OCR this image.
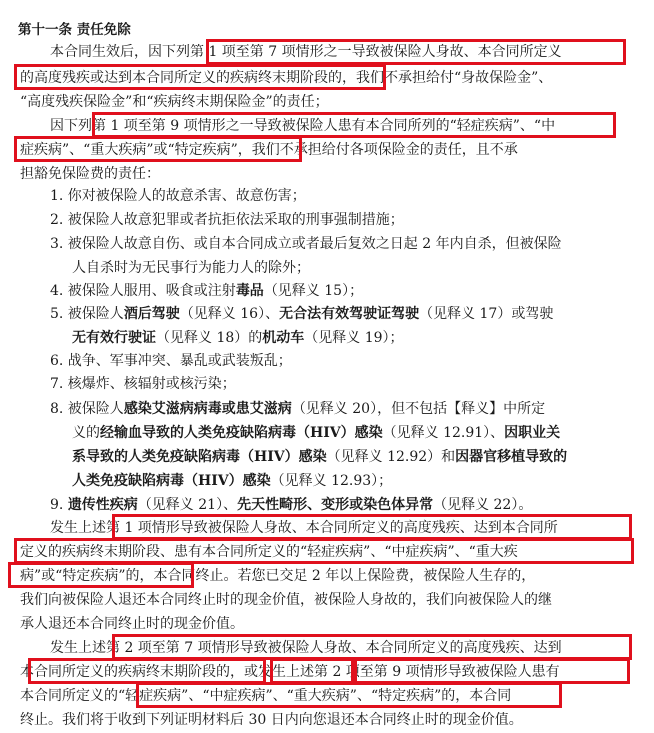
第十一条 责任免除
本合同生效后，因下列第 1 项至第 7 项情形之一导致被保险人身故、本合同所定义
的高度残疾或达到本合同所定义的疾病终末期阶段的，我们不承担给付“身故保险金”、
“高度残疾保险金”和“疾病终末期保险金”的责任；
因下列第 1 项至第 9 项情形之一导致被保险人患有本合同所列的“轻症疾病”、“中
症疾病”、“重大疾病”或“特定疾病”，我们不承担给付各项保险金的责任，且不承
担豁免保险费的责任：
1. 你对被保险人的故意杀害、故意伤害；
2. 被保险人故意犯罪或者抗拒依法采取的刑事强制措施；
3. 被保险人故意自伤、或自本合同成立或者最后复效之日起 2 年内自杀，但被保险
人自杀时为无民事行为能力人的除外；
4. 被保险人服用、吸食或注射毒品（见释义 15）；
5. 被保险人酒后驾驶（见释义 16）、无合法有效驾驶证驾驶（见释义 17）或驾驶
无有效行驶证（见释义 18）的机动车（见释义 19）；
6. 战争、军事冲突、暴乱或武装叛乱；
7. 核爆炸、核辐射或核污染；
8. 被保险人感染艾滋病病毒或患艾滋病（见释义 20），但不包括【释义】中所定
义的经输血导致的人类免疫缺陷病毒（HIV）感染（见释义 12.91）、因职业关
系导致的人类免疫缺陷病毒（HIV）感染（见释义 12.92）和因器官移植导致的
人类免疫缺陷病毒（HIV）感染（见释义 12.93）；
9. 遗传性疾病（见释义 21）、先天性畸形、变形或染色体异常（见释义 22）。
发生上述第 1 项情形导致被保险人身故、本合同所定义的高度残疾、达到本合同所
定义的疾病终末期阶段、患有本合同所定义的“轻症疾病”、“中症疾病”、“重大疾
病”或“特定疾病”的，本合同终止。若您已交足 2 年以上保险费，被保险人生存的，
我们向被保险人退还本合同终止时的现金价值，被保险人身故的，我们向被保险人的继
承人退还本合同终止时的现金价值。
发生上述第 2 项至第 7 项情形导致被保险人身故、本合同所定义的高度残疾、达到
本合同所定义的疾病终末期阶段的，或发生上述第 2 项至第 9 项情形导致被保险人患有
本合同所定义的“轻症疾病”、“中症疾病”、“重大疾病”、“特定疾病”的，本合同
终止。我们将于收到下列证明材料后 30 日内向您退还本合同终止时的现金价值。
